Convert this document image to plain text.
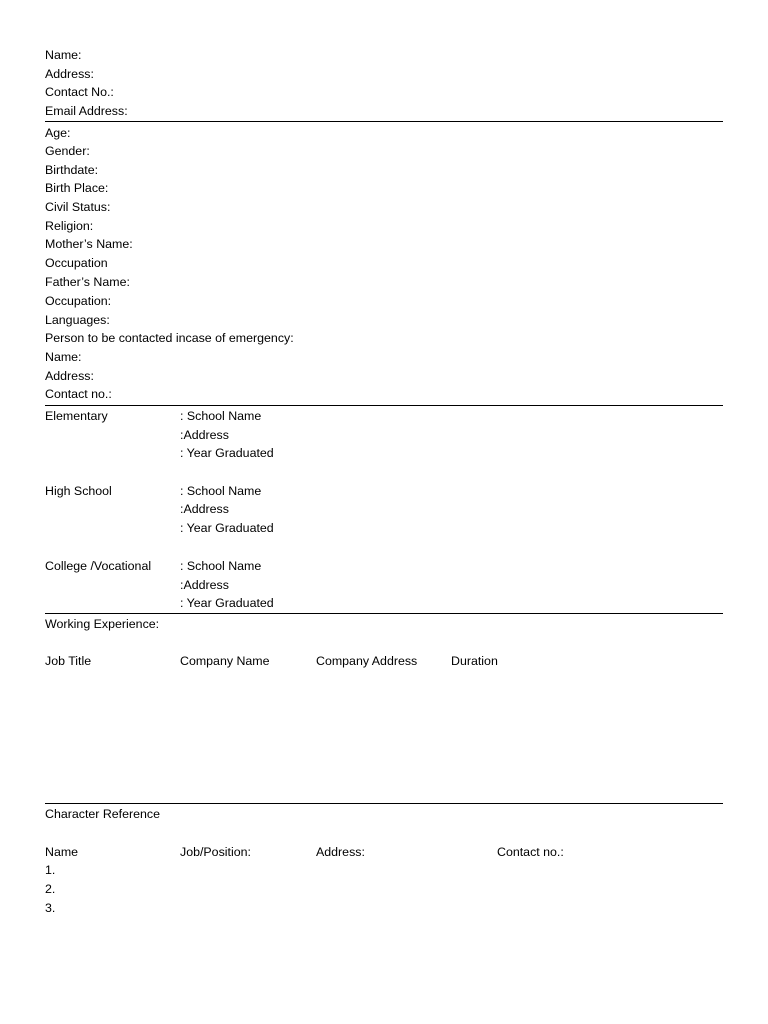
Name:
Address:
Contact No.:
Email Address:
Age:
Gender:
Birthdate:
Birth Place:
Civil Status:
Religion:
Mother’s Name:
Occupation
Father’s Name:
Occupation:
Languages:
Person to be contacted incase of emergency:
Name:
Address:
Contact no.:
Elementary	: School Name
:Address
: Year Graduated
High School	: School Name
:Address
: Year Graduated
College /Vocational : School Name
:Address
: Year Graduated
Working Experience:
Job Title	Company Name	Company Address	Duration
Character Reference
Name	Job/Position:	Address:	Contact no.:
1.
2.
3.
